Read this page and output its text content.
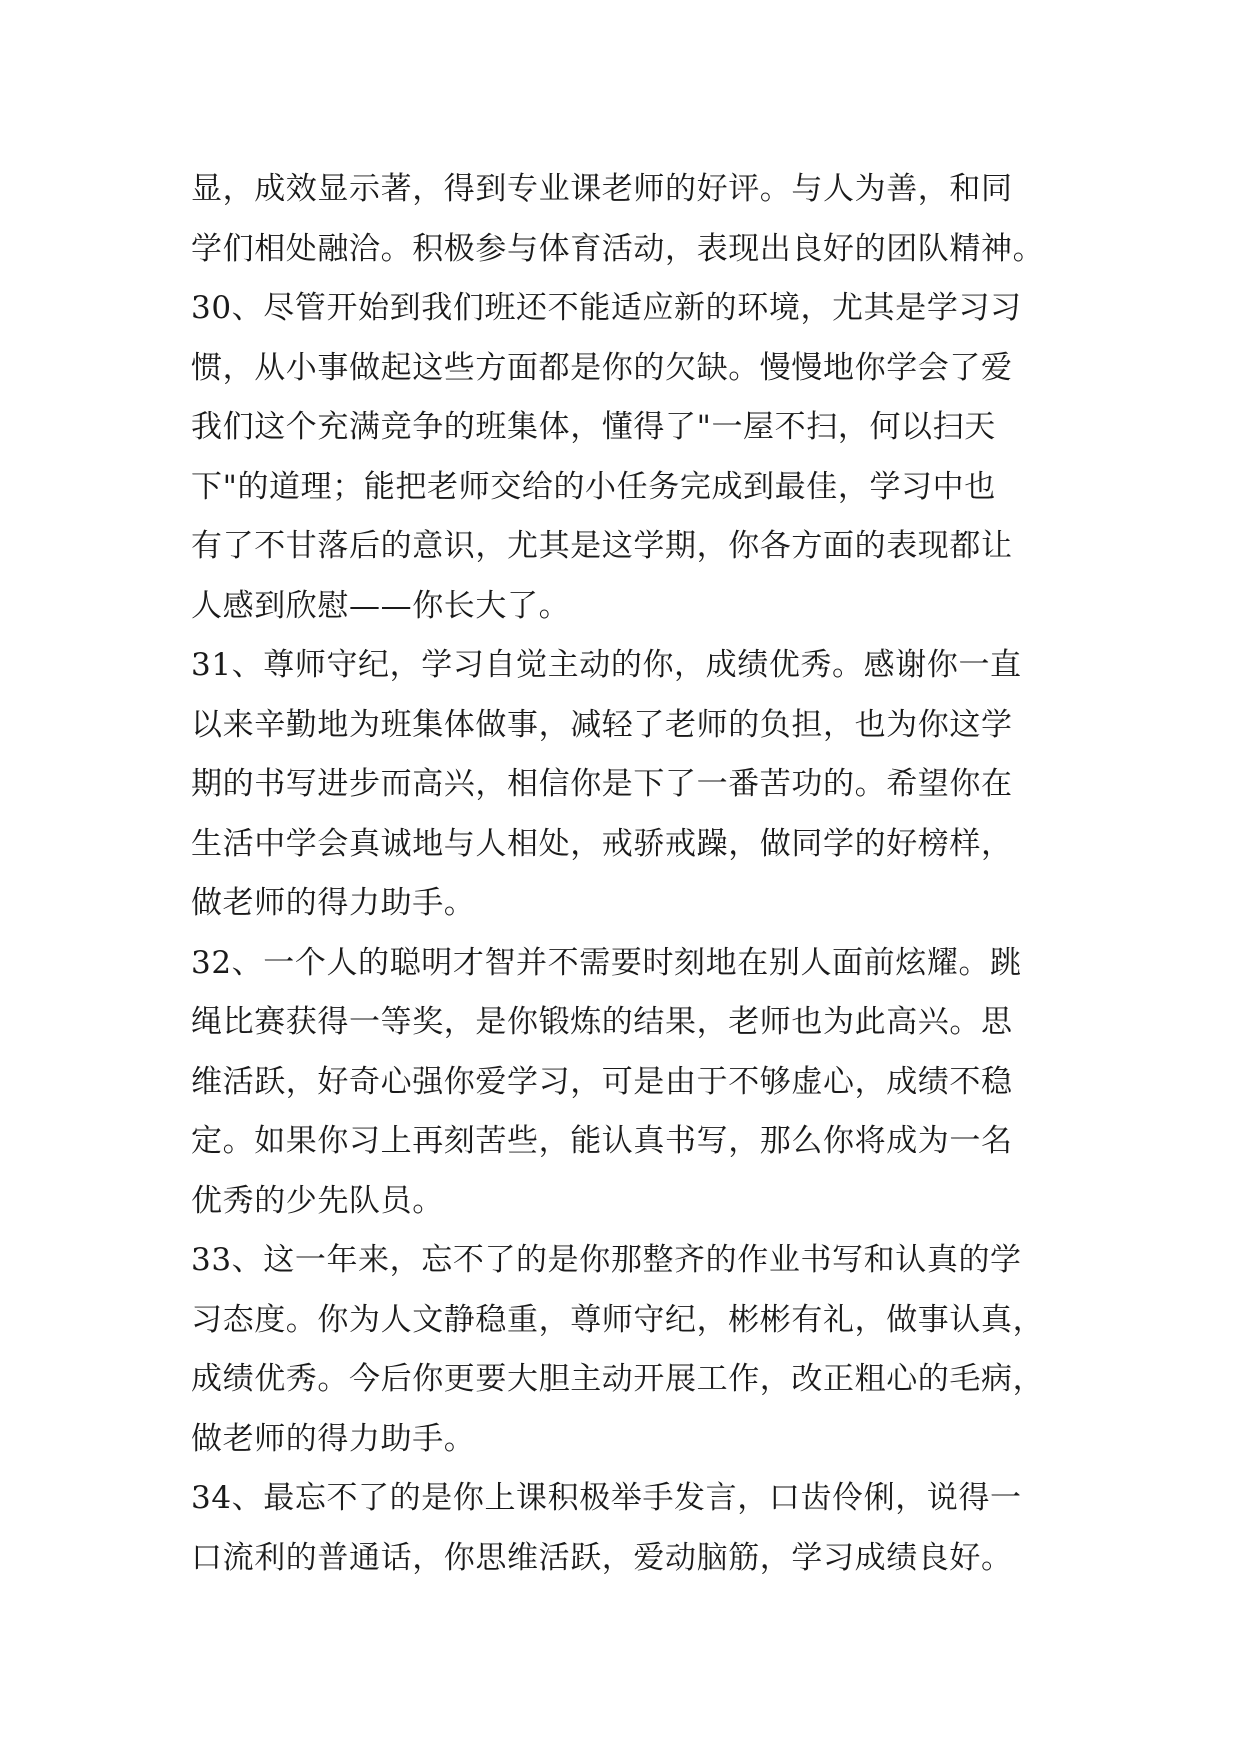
显，成效显示著，得到专业课老师的好评。与人为善，和同
学们相处融洽。积极参与体育活动，表现出良好的团队精神。
30、尽管开始到我们班还不能适应新的环境，尤其是学习习
惯，从小事做起这些方面都是你的欠缺。慢慢地你学会了爱
我们这个充满竞争的班集体，懂得了"一屋不扫，何以扫天
下"的道理；能把老师交给的小任务完成到最佳，学习中也
有了不甘落后的意识，尤其是这学期，你各方面的表现都让
人感到欣慰——你长大了。
31、尊师守纪，学习自觉主动的你，成绩优秀。感谢你一直
以来辛勤地为班集体做事，减轻了老师的负担，也为你这学
期的书写进步而高兴，相信你是下了一番苦功的。希望你在
生活中学会真诚地与人相处，戒骄戒躁，做同学的好榜样，
做老师的得力助手。
32、一个人的聪明才智并不需要时刻地在别人面前炫耀。跳
绳比赛获得一等奖，是你锻炼的结果，老师也为此高兴。思
维活跃，好奇心强你爱学习，可是由于不够虚心，成绩不稳
定。如果你习上再刻苦些，能认真书写，那么你将成为一名
优秀的少先队员。
33、这一年来，忘不了的是你那整齐的作业书写和认真的学
习态度。你为人文静稳重，尊师守纪，彬彬有礼，做事认真，
成绩优秀。今后你更要大胆主动开展工作，改正粗心的毛病，
做老师的得力助手。
34、最忘不了的是你上课积极举手发言，口齿伶俐，说得一
口流利的普通话，你思维活跃，爱动脑筋，学习成绩良好。
